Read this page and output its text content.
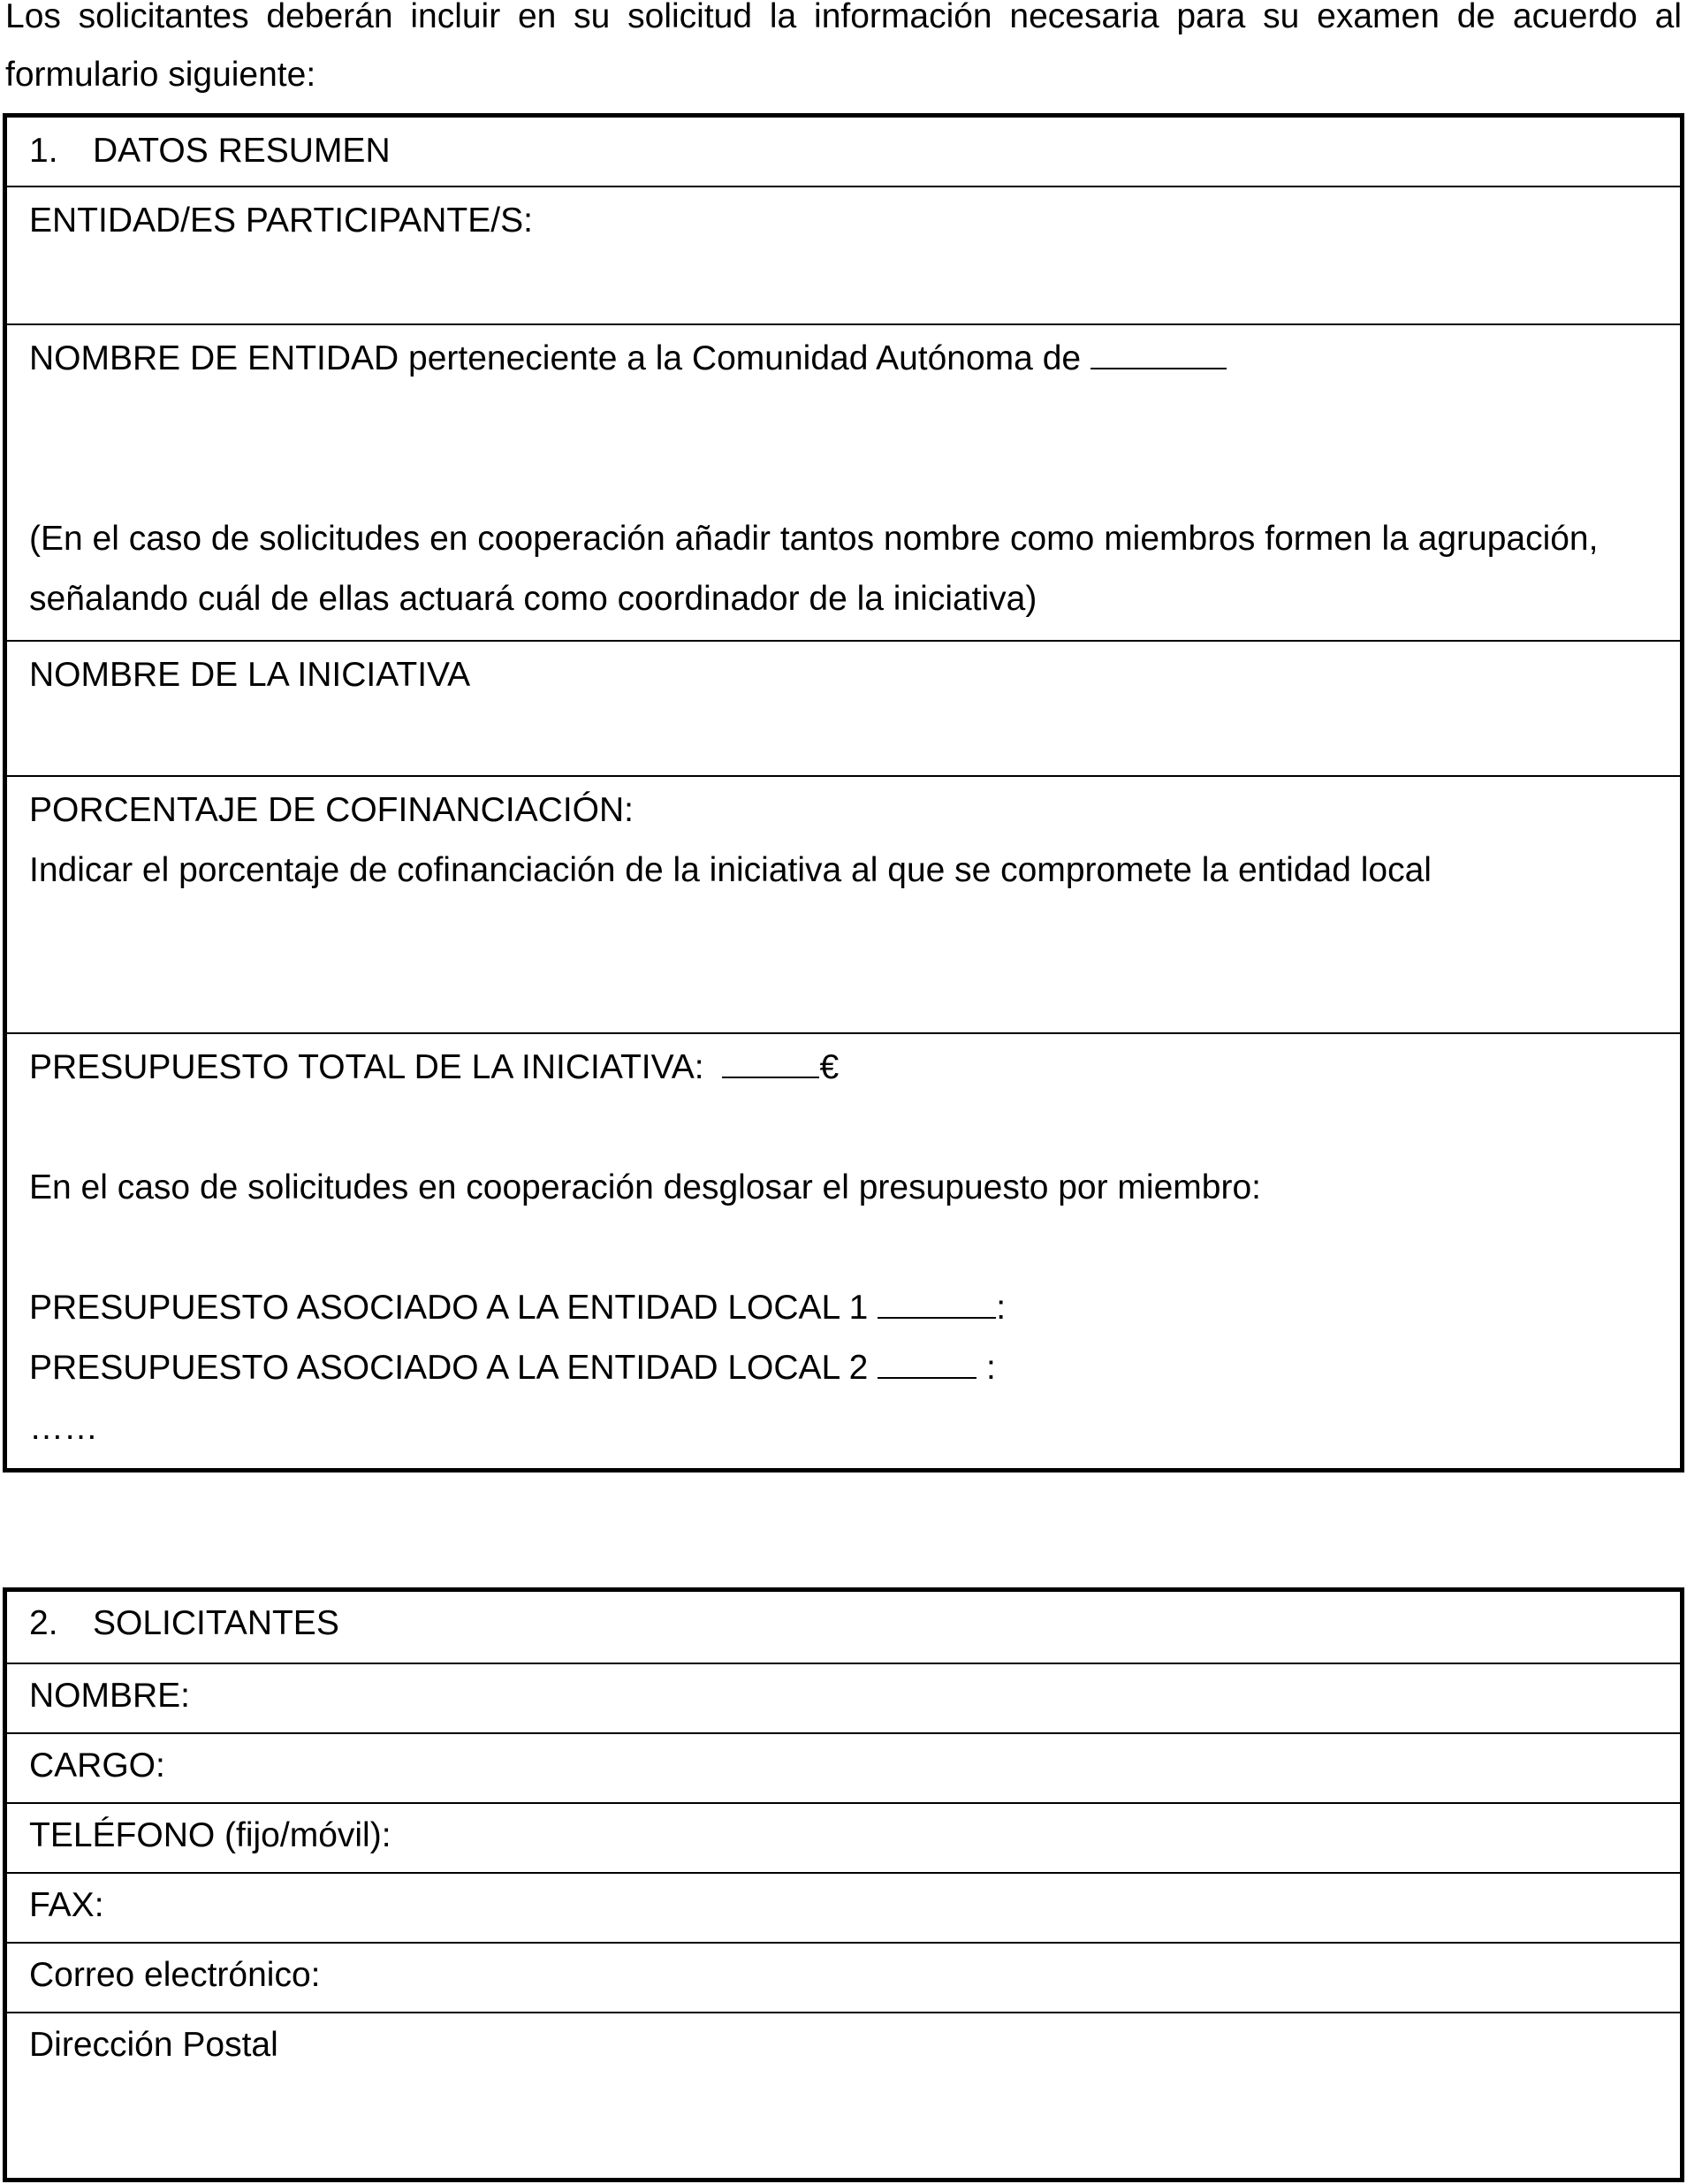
Los solicitantes deberán incluir en su solicitud la información necesaria para su examen de acuerdo al formulario siguiente:
1. DATOS RESUMEN
ENTIDAD/ES PARTICIPANTE/S:
NOMBRE DE ENTIDAD perteneciente a la Comunidad Autónoma de
(En el caso de solicitudes en cooperación añadir tantos nombre como miembros formen la agrupación,
señalando cuál de ellas actuará como coordinador de la iniciativa)
NOMBRE DE LA INICIATIVA
PORCENTAJE DE COFINANCIACIÓN:
Indicar el porcentaje de cofinanciación de la iniciativa al que se compromete la entidad local
PRESUPUESTO TOTAL DE LA INICIATIVA:	€
En el caso de solicitudes en cooperación desglosar el presupuesto por miembro:
PRESUPUESTO ASOCIADO A LA ENTIDAD LOCAL 1	:
PRESUPUESTO ASOCIADO A LA ENTIDAD LOCAL 2	:
……
2. SOLICITANTES
NOMBRE:
CARGO:
TELÉFONO (fijo/móvil):
FAX:
Correo electrónico:
Dirección Postal
